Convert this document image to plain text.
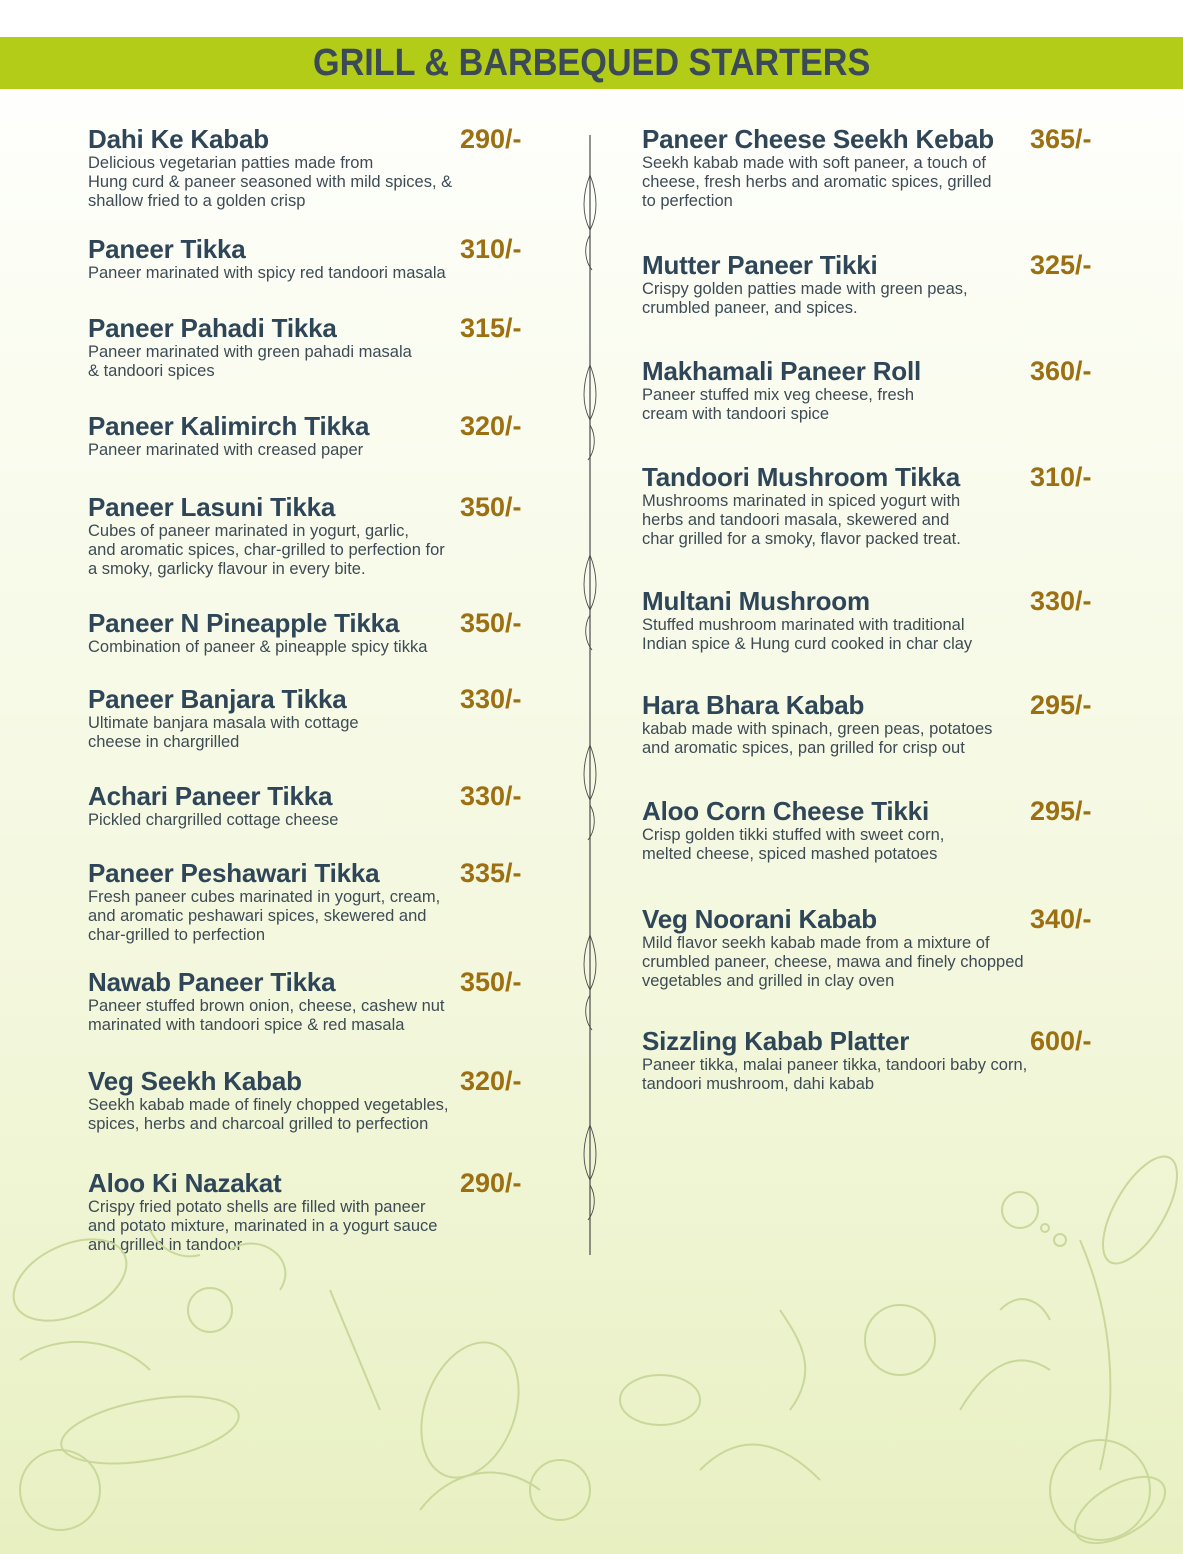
GRILL & BARBEQUED STARTERS
Dahi Ke Kabab	290/-
Delicious vegetarian patties made from
Hung curd & paneer seasoned with mild spices, &
shallow fried to a golden crisp
Paneer Tikka	310/-
Paneer marinated with spicy red tandoori masala
Paneer Pahadi Tikka	315/-
Paneer marinated with green pahadi masala
& tandoori spices
Paneer Kalimirch Tikka	320/-
Paneer marinated with creased paper
Paneer Lasuni Tikka	350/-
Cubes of paneer marinated in yogurt, garlic,
and aromatic spices, char-grilled to perfection for
a smoky, garlicky flavour in every bite.
Paneer N Pineapple Tikka	350/-
Combination of paneer & pineapple spicy tikka
Paneer Banjara Tikka	330/-
Ultimate banjara masala with cottage
cheese in chargrilled
Achari Paneer Tikka	330/-
Pickled chargrilled cottage cheese
Paneer Peshawari Tikka	335/-
Fresh paneer cubes marinated in yogurt, cream,
and aromatic peshawari spices, skewered and
char-grilled to perfection
Nawab Paneer Tikka	350/-
Paneer stuffed brown onion, cheese, cashew nut
marinated with tandoori spice & red masala
Veg Seekh Kabab	320/-
Seekh kabab made of finely chopped vegetables,
spices, herbs and charcoal grilled to perfection
Aloo Ki Nazakat	290/-
Crispy fried potato shells are filled with paneer
and potato mixture, marinated in a yogurt sauce
and grilled in tandoor
Paneer Cheese Seekh Kebab 365/-
Seekh kabab made with soft paneer, a touch of
cheese, fresh herbs and aromatic spices, grilled
to perfection
Mutter Paneer Tikki	325/-
Crispy golden patties made with green peas,
crumbled paneer, and spices.
Makhamali Paneer Roll	360/-
Paneer stuffed mix veg cheese, fresh
cream with tandoori spice
Tandoori Mushroom Tikka	310/-
Mushrooms marinated in spiced yogurt with
herbs and tandoori masala, skewered and
char grilled for a smoky, flavor packed treat.
Multani Mushroom	330/-
Stuffed mushroom marinated with traditional
Indian spice & Hung curd cooked in char clay
Hara Bhara Kabab	295/-
kabab made with spinach, green peas, potatoes
and aromatic spices, pan grilled for crisp out
Aloo Corn Cheese Tikki	295/-
Crisp golden tikki stuffed with sweet corn,
melted cheese, spiced mashed potatoes
Veg Noorani Kabab	340/-
Mild flavor seekh kabab made from a mixture of
crumbled paneer, cheese, mawa and finely chopped
vegetables and grilled in clay oven
Sizzling Kabab Platter	600/-
Paneer tikka, malai paneer tikka, tandoori baby corn,
tandoori mushroom, dahi kabab
